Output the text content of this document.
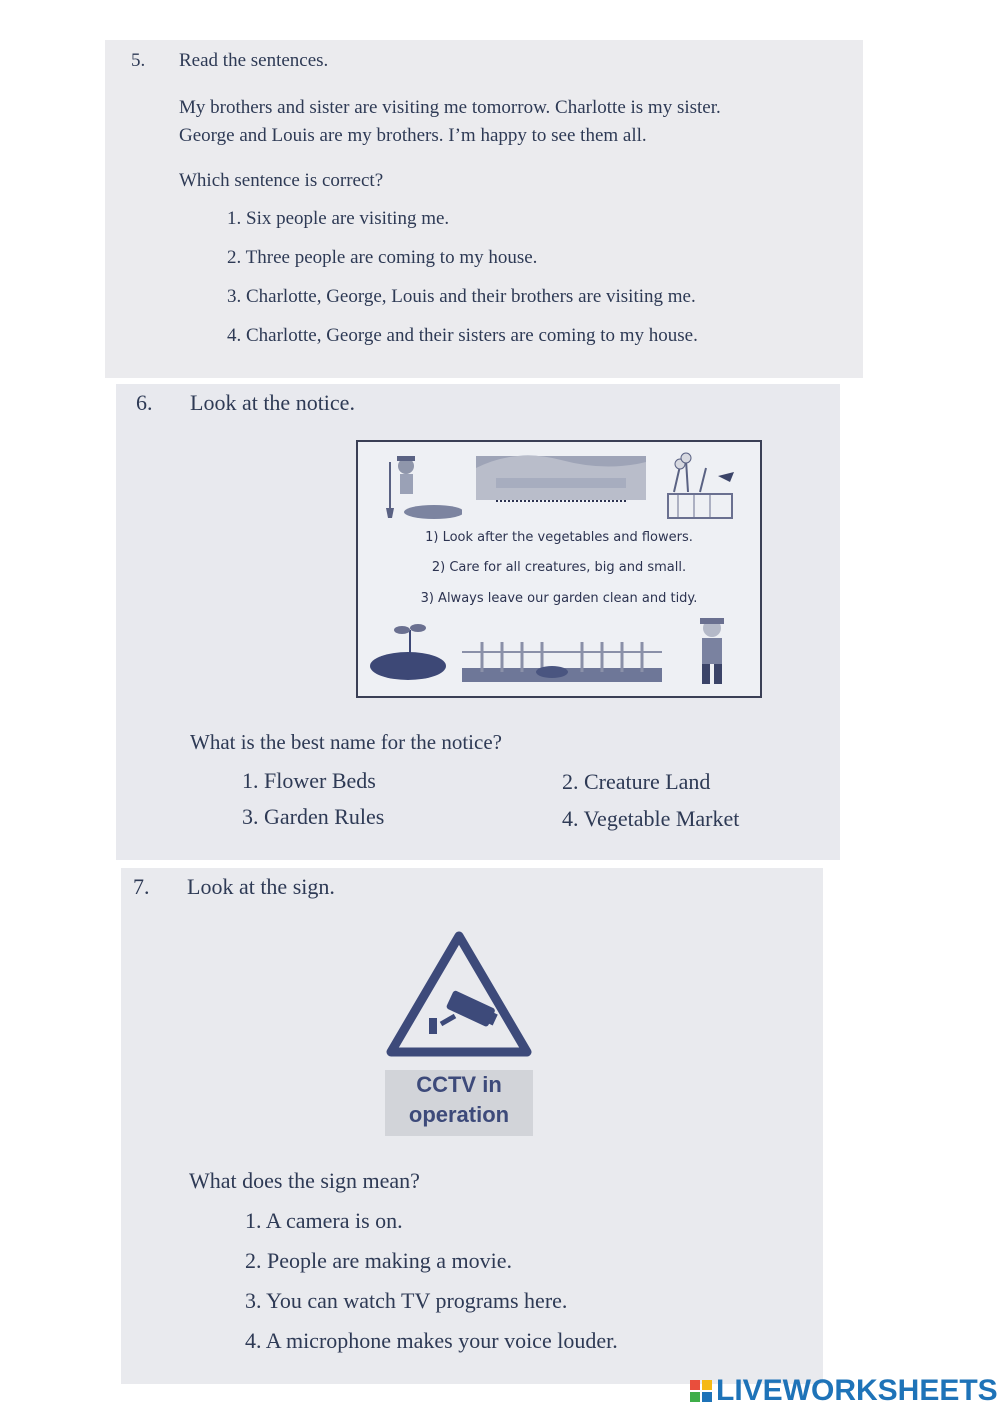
5. Read the sentences.
My brothers and sister are visiting me tomorrow. Charlotte is my sister.
George and Louis are my brothers. I’m happy to see them all.
Which sentence is correct?
1. Six people are visiting me.
2. Three people are coming to my house.
3. Charlotte, George, Louis and their brothers are visiting me.
4. Charlotte, George and their sisters are coming to my house.
6. Look at the notice.
1) Look after the vegetables and flowers.
2) Care for all creatures, big and small.
3) Always leave our garden clean and tidy.
What is the best name for the notice?
1. Flower Beds	2. Creature Land
3. Garden Rules	4. Vegetable Market
7. Look at the sign.
CCTV in
operation
What does the sign mean?
1. A camera is on.
2. People are making a movie.
3. You can watch TV programs here.
4. A microphone makes your voice louder.
LIVEWORKSHEETS
